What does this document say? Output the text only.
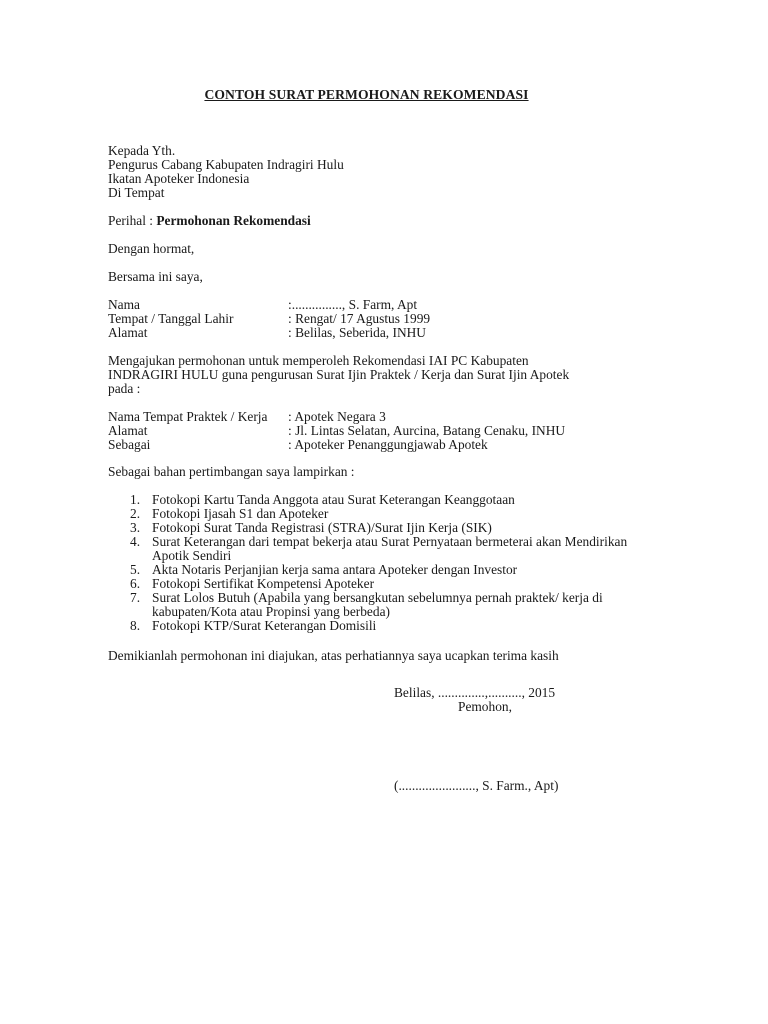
CONTOH SURAT PERMOHONAN REKOMENDASI
Kepada Yth.
Pengurus Cabang Kabupaten Indragiri Hulu
Ikatan Apoteker Indonesia
Di Tempat
Perihal : Permohonan Rekomendasi
Dengan hormat,
Bersama ini saya,
Nama	:..............., S. Farm, Apt
Tempat / Tanggal Lahir	: Rengat/ 17 Agustus 1999
Alamat	: Belilas, Seberida, INHU
Mengajukan permohonan untuk memperoleh Rekomendasi IAI PC Kabupaten
INDRAGIRI HULU guna pengurusan Surat Ijin Praktek / Kerja dan Surat Ijin Apotek
pada :
Nama Tempat Praktek / Kerja	: Apotek Negara 3
Alamat	: Jl. Lintas Selatan, Aurcina, Batang Cenaku, INHU
Sebagai	: Apoteker Penanggungjawab Apotek
Sebagai bahan pertimbangan saya lampirkan :
1. Fotokopi Kartu Tanda Anggota atau Surat Keterangan Keanggotaan
2. Fotokopi Ijasah S1 dan Apoteker
3. Fotokopi Surat Tanda Registrasi (STRA)/Surat Ijin Kerja (SIK)
4. Surat Keterangan dari tempat bekerja atau Surat Pernyataan bermeterai akan Mendirikan Apotik Sendiri
5. Akta Notaris Perjanjian kerja sama antara Apoteker dengan Investor
6. Fotokopi Sertifikat Kompetensi Apoteker
7. Surat Lolos Butuh (Apabila yang bersangkutan sebelumnya pernah praktek/ kerja di kabupaten/Kota atau Propinsi yang berbeda)
8. Fotokopi KTP/Surat Keterangan Domisili
Demikianlah permohonan ini diajukan, atas perhatiannya saya ucapkan terima kasih
Belilas, ..............,.........., 2015
Pemohon,
(......................., S. Farm., Apt)
